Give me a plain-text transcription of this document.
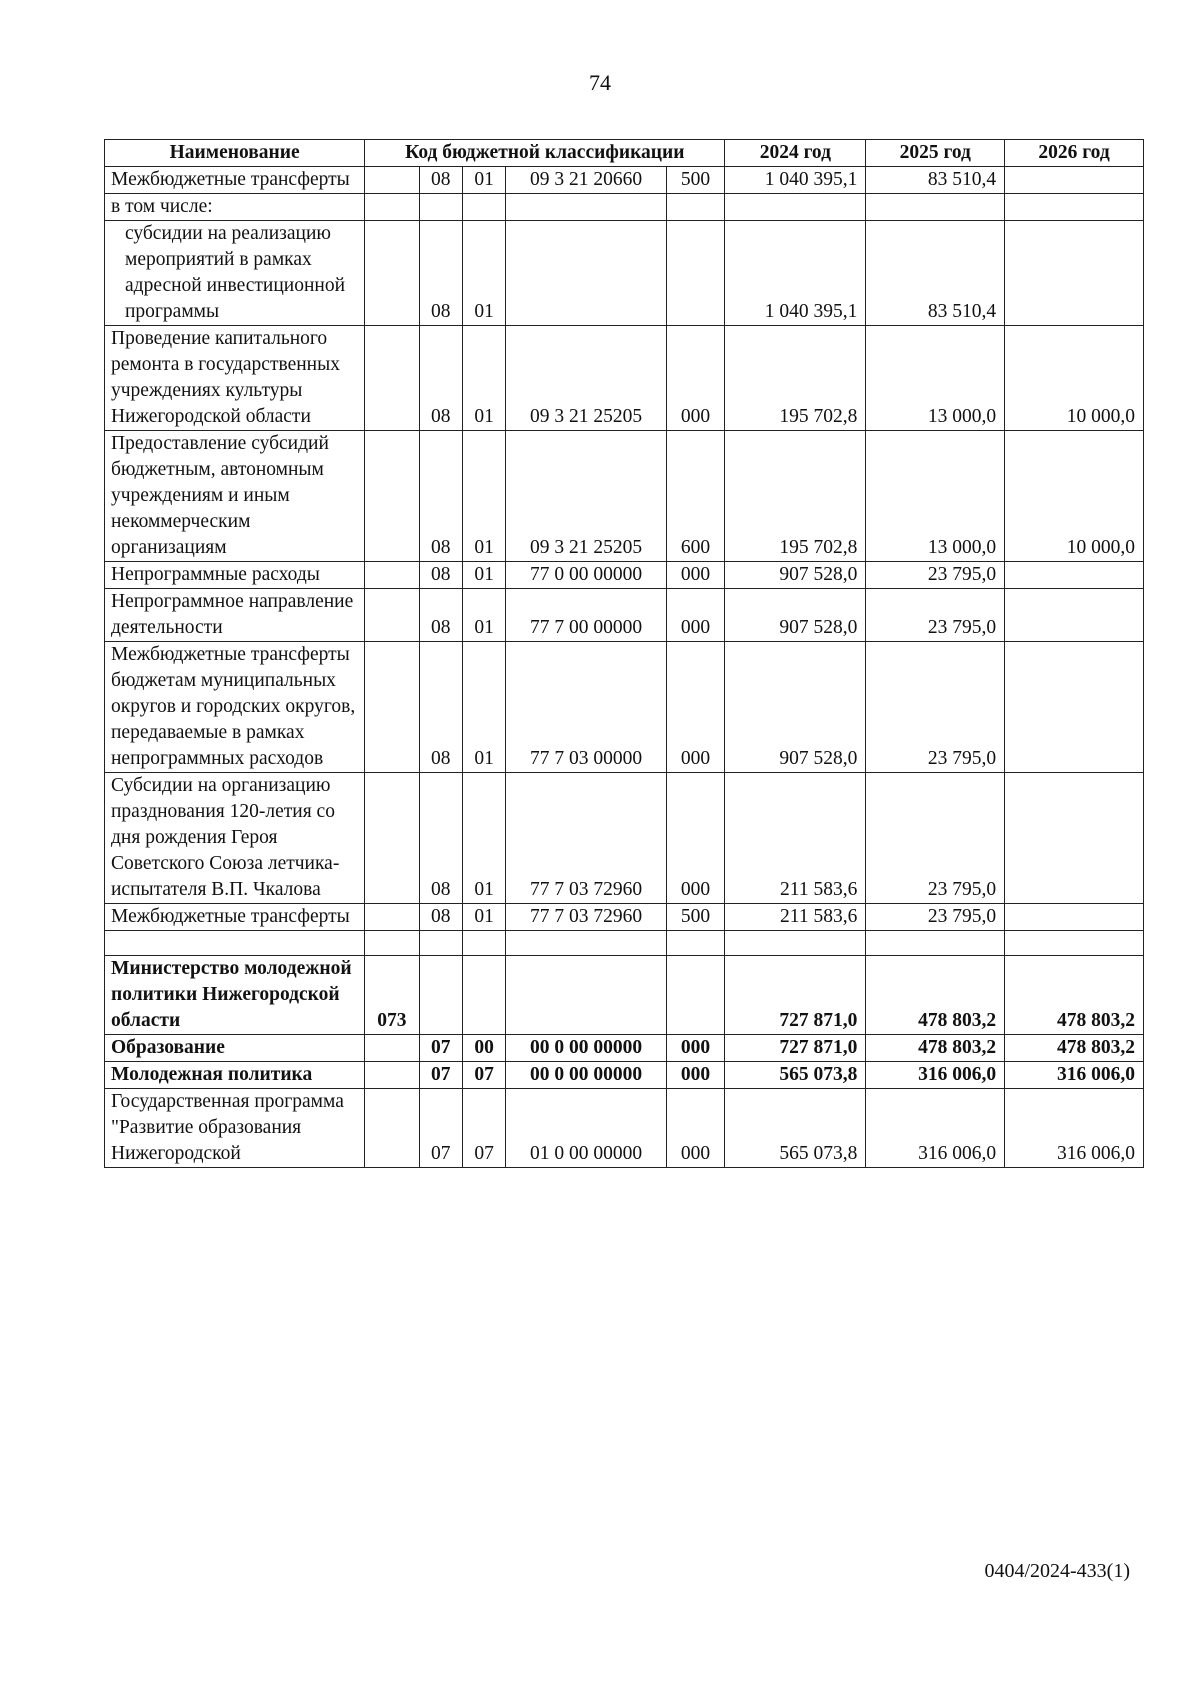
74
Наименование	Код бюджетной классификации					2024 год	2025 год	2026 год
Межбюджетные трансферты		08	01	09 3 21 20660	500	1 040 395,1	83 510,4	
в том числе:								
субсидии на реализацию мероприятий в рамках адресной инвестиционной программы		08	01			1 040 395,1	83 510,4	
Проведение капитального ремонта в государственных учреждениях культуры Нижегородской области		08	01	09 3 21 25205	000	195 702,8	13 000,0	10 000,0
Предоставление субсидий бюджетным, автономным учреждениям и иным некоммерческим организациям		08	01	09 3 21 25205	600	195 702,8	13 000,0	10 000,0
Непрограммные расходы		08	01	77 0 00 00000	000	907 528,0	23 795,0	
Непрограммное направление деятельности		08	01	77 7 00 00000	000	907 528,0	23 795,0	
Межбюджетные трансферты бюджетам муниципальных округов и городских округов, передаваемые в рамках непрограммных расходов		08	01	77 7 03 00000	000	907 528,0	23 795,0	
Субсидии на организацию празднования 120-летия со дня рождения Героя Советского Союза летчика-испытателя В.П. Чкалова		08	01	77 7 03 72960	000	211 583,6	23 795,0	
Межбюджетные трансферты		08	01	77 7 03 72960	500	211 583,6	23 795,0	

Министерство молодежной политики Нижегородской области	073					727 871,0	478 803,2	478 803,2
Образование		07	00	00 0 00 00000	000	727 871,0	478 803,2	478 803,2
Молодежная политика		07	07	00 0 00 00000	000	565 073,8	316 006,0	316 006,0
Государственная программа "Развитие образования Нижегородской		07	07	01 0 00 00000	000	565 073,8	316 006,0	316 006,0
0404/2024-433(1)
